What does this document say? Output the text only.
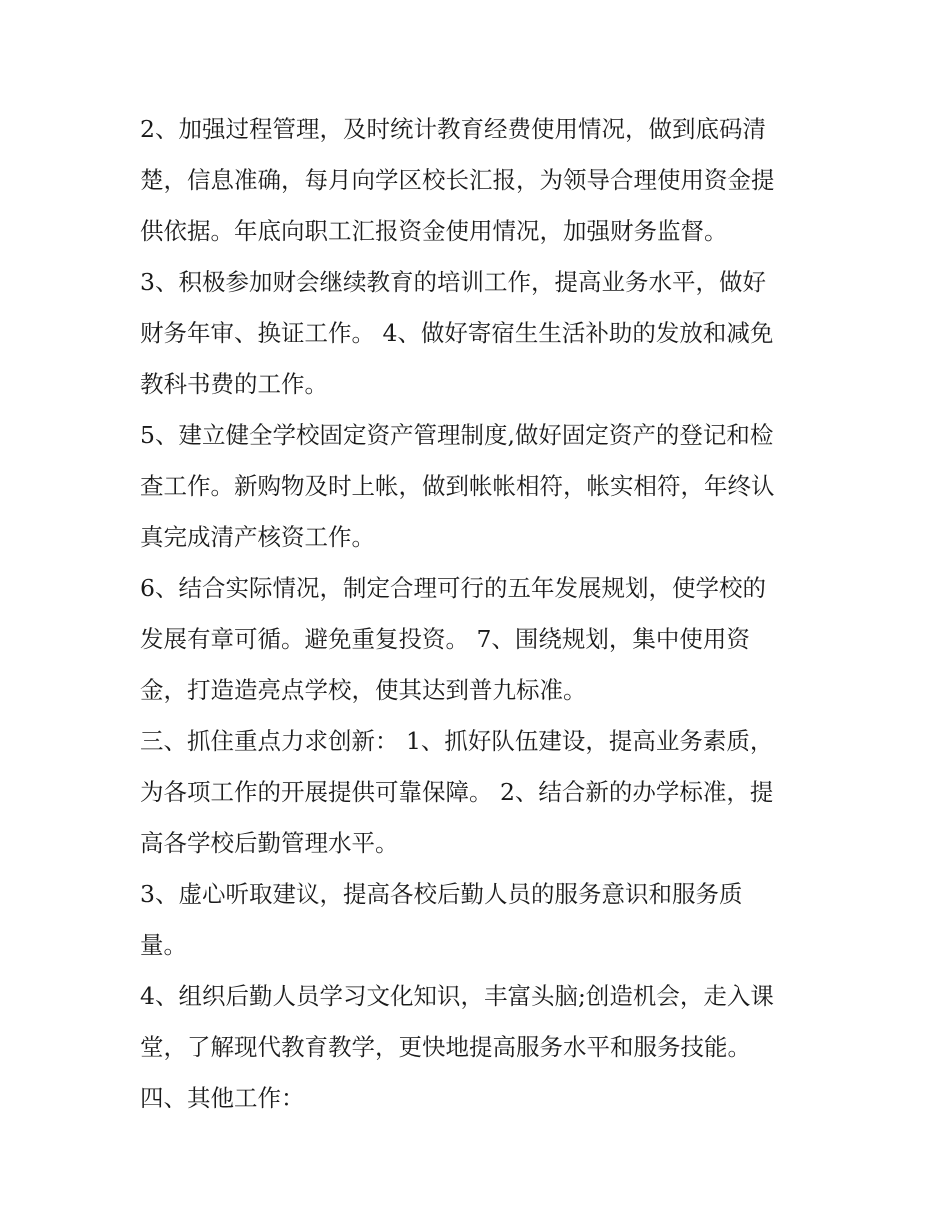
2、加强过程管理，及时统计教育经费使用情况，做到底码清
楚，信息准确，每月向学区校长汇报，为领导合理使用资金提
供依据。年底向职工汇报资金使用情况，加强财务监督。
3、积极参加财会继续教育的培训工作，提高业务水平，做好
财务年审、换证工作。 4、做好寄宿生生活补助的发放和减免
教科书费的工作。
5、建立健全学校固定资产管理制度,做好固定资产的登记和检
查工作。新购物及时上帐，做到帐帐相符，帐实相符，年终认
真完成清产核资工作。
6、结合实际情况，制定合理可行的五年发展规划，使学校的
发展有章可循。避免重复投资。 7、围绕规划，集中使用资
金，打造造亮点学校，使其达到普九标准。
三、抓住重点力求创新： 1、抓好队伍建设，提高业务素质，
为各项工作的开展提供可靠保障。 2、结合新的办学标准，提
高各学校后勤管理水平。
3、虚心听取建议，提高各校后勤人员的服务意识和服务质
量。
4、组织后勤人员学习文化知识，丰富头脑;创造机会，走入课
堂，了解现代教育教学，更快地提高服务水平和服务技能。
四、其他工作：
